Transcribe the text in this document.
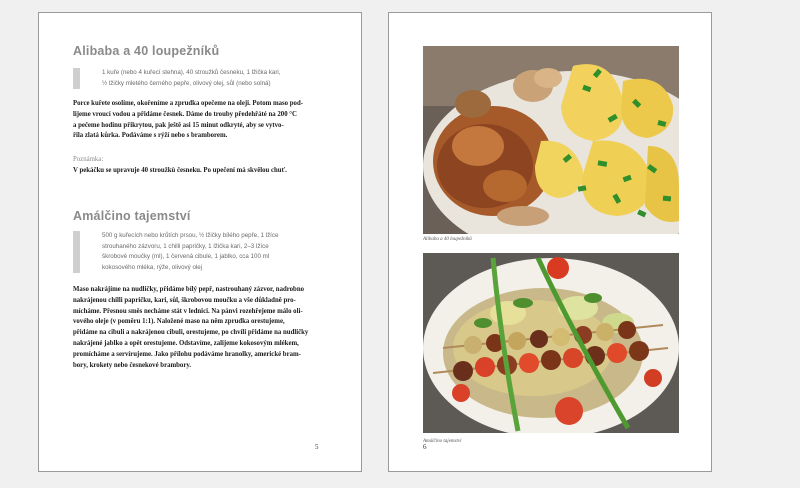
Alibaba a 40 loupežníků
1 kuře (nebo 4 kuřecí stehna), 40 stroužků česneku, 1 lžička kari,
½ lžičky mletého černého pepře, olivový olej, sůl (nebo solná)
Porce kuřete osolíme, okořeníme a zprudka opečeme na oleji. Potom maso pod-
lijeme vroucí vodou a přidáme česnek. Dáme do trouby předehřáté na 200 °C
a pečeme hodinu přikrytou, pak ještě asi 15 minut odkryté, aby se vytvo-
řila zlatá kůrka. Podáváme s rýží nebo s bramborem.
Poznámka:
V pekáčku se upravuje 40 stroužků česneku. Po upečení má skvělou chuť.
Amálčino tajemství
500 g kuřecích nebo krůtích prsou, ½ lžičky bílého pepře, 1 lžíce
strouhaného zázvoru, 1 chilli papričky, 1 lžička kari, 2–3 lžíce
škrobové moučky (ml), 1 červená cibule, 1 jablko, cca 100 ml
kokosového mléka, rýže, olivový olej
Maso nakrájíme na nudličky, přidáme bílý pepř, nastrouhaný zázvor, nadrobno
nakrájenou chilli papričku, kari, sůl, škrobovou moučku a vše důkladně pro-
mícháme. Přesnou směs necháme stát v lednici. Na pánvi rozehřejeme málo oli-
vového oleje (v poměru 1:1). Naložené maso na něm zprudka orestujeme,
přidáme na cibuli a nakrájenou cibuli, orestujeme, po chvíli přidáme na nudličky
nakrájené jablko a opět orestujeme. Odstavíme, zalijeme kokosovým mlékem,
promícháme a servírujeme. Jako přílohu podáváme hranolky, americké bram-
bory, krokety nebo česnekové brambory.
5
Alibaba a 40 loupežníků
Amálčino tajemství
6
